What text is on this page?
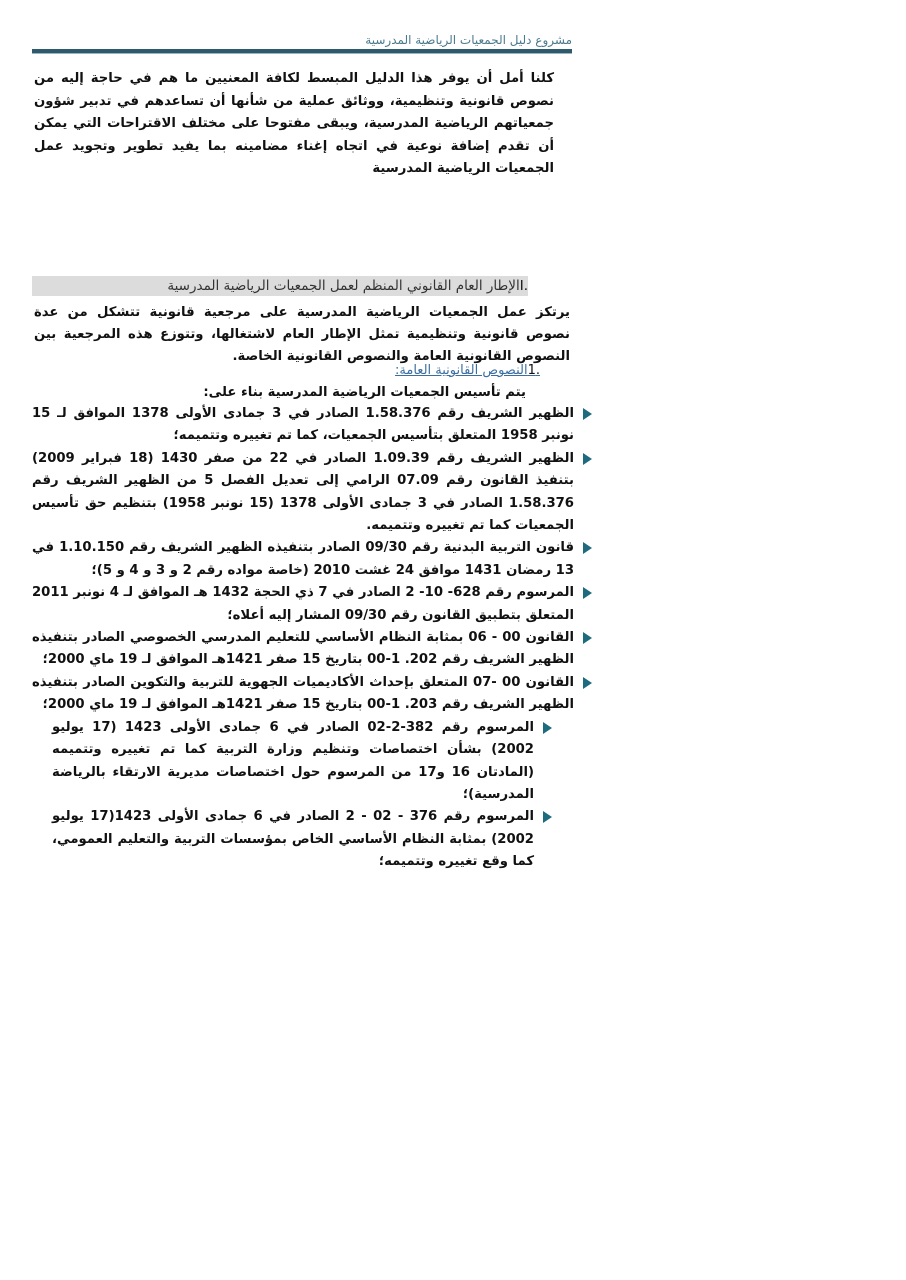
مشروع دليل الجمعيات الرياضية المدرسية
كلنا أمل أن يوفر هذا الدليل المبسط لكافة المعنيين ما هم في حاجة إليه من نصوص قانونية وتنظيمية، ووثائق عملية من شأنها أن تساعدهم في تدبير شؤون جمعياتهم الرياضية المدرسية، ويبقى مفتوحا على مختلف الاقتراحات التي يمكن أن تقدم إضافة نوعية في اتجاه إغناء مضامينه بما يفيد تطوير وتجويد عمل الجمعيات الرياضية المدرسية
.Iالإطار العام القانوني المنظم لعمل الجمعيات الرياضية المدرسية
يرتكز عمل الجمعيات الرياضية المدرسية على مرجعية قانونية تتشكل من عدة نصوص قانونية وتنظيمية تمثل الإطار العام لاشتغالها، وتتوزع هذه المرجعية بين النصوص القانونية العامة والنصوص القانونية الخاصة.
.1النصوص القانونية العامة:
يتم تأسيس الجمعيات الرياضية المدرسية بناء على:
الظهير الشريف رقم 1.58.376 الصادر في 3 جمادى الأولى 1378 الموافق لـ 15 نونبر 1958 المتعلق بتأسيس الجمعيات، كما تم تغييره وتتميمه؛
الظهير الشريف رقم 1.09.39 الصادر في 22 من صفر 1430 (18 فبراير 2009) بتنفيذ القانون رقم 07.09 الرامي إلى تعديل الفصل 5 من الظهير الشريف رقم 1.58.376 الصادر في 3 جمادى الأولى 1378 (15 نونبر 1958) بتنظيم حق تأسيس الجمعيات كما تم تغييره وتتميمه.
قانون التربية البدنية رقم 09/30 الصادر بتنفيذه الظهير الشريف رقم 1.10.150 في 13 رمضان 1431 موافق 24 غشت 2010 (خاصة مواده رقم 2 و 3 و 4 و 5)؛
المرسوم رقم 628- 10- 2 الصادر في 7 ذي الحجة 1432 هـ الموافق لـ 4 نونبر 2011 المتعلق بتطبيق القانون رقم 09/30 المشار إليه أعلاه؛
القانون 00 - 06 بمثابة النظام الأساسي للتعليم المدرسي الخصوصي الصادر بتنفيذه الظهير الشريف رقم 202. 1-00 بتاريخ 15 صفر 1421هـ الموافق لـ 19 ماي 2000؛
القانون 00 -07 المتعلق بإحداث الأكاديميات الجهوية للتربية والتكوين الصادر بتنفيذه الظهير الشريف رقم 203. 1-00 بتاريخ 15 صفر 1421هـ الموافق لـ 19 ماي 2000؛
المرسوم رقم 382-2-02 الصادر في 6 جمادى الأولى 1423 (17 يوليو 2002) بشأن اختصاصات وتنظيم وزارة التربية كما تم تغييره وتتميمه (المادتان 16 و17 من المرسوم حول اختصاصات مديرية الارتقاء بالرياضة المدرسية)؛
المرسوم رقم 376 - 02 - 2 الصادر في 6 جمادى الأولى 1423(17 يوليو 2002) بمثابة النظام الأساسي الخاص بمؤسسات التربية والتعليم العمومي، كما وقع تغييره وتتميمه؛
